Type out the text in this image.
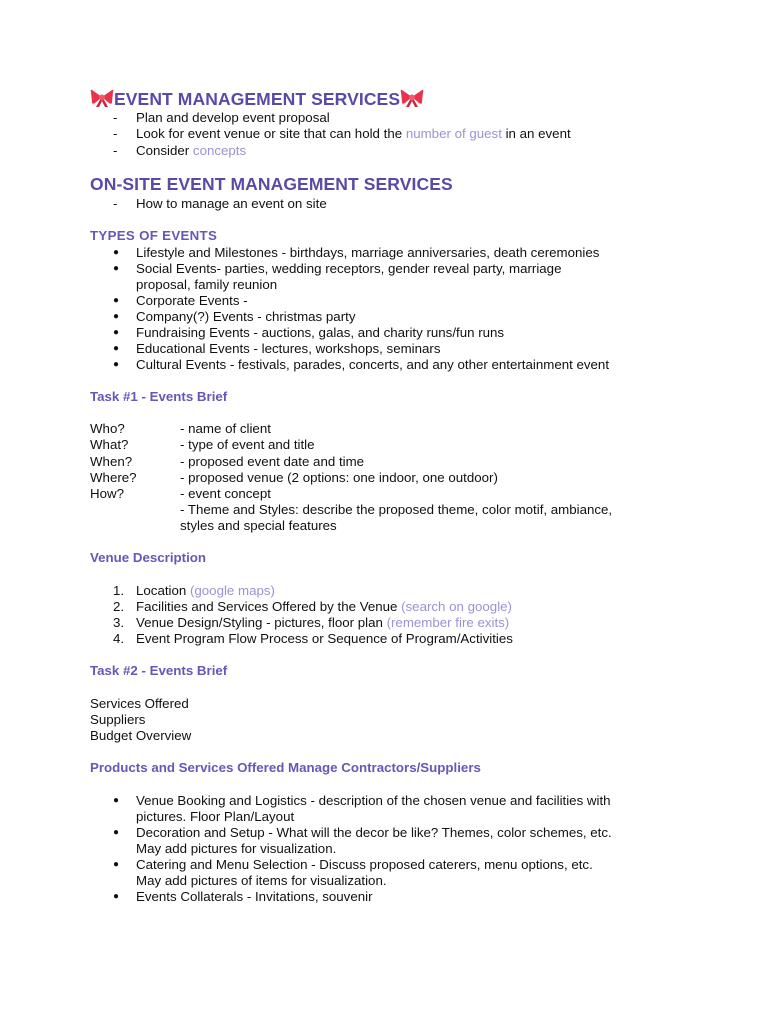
EVENT MANAGEMENT SERVICES
- Plan and develop event proposal
- Look for event venue or site that can hold the number of guest in an event
- Consider concepts
ON-SITE EVENT MANAGEMENT SERVICES
- How to manage an event on site
TYPES OF EVENTS
● Lifestyle and Milestones - birthdays, marriage anniversaries, death ceremonies
● Social Events- parties, wedding receptors, gender reveal party, marriage
proposal, family reunion
● Corporate Events -
● Company(?) Events - christmas party
● Fundraising Events - auctions, galas, and charity runs/fun runs
● Educational Events - lectures, workshops, seminars
● Cultural Events - festivals, parades, concerts, and any other entertainment event
Task #1 - Events Brief
Who?	- name of client
What?	- type of event and title
When?	- proposed event date and time
Where?	- proposed venue (2 options: one indoor, one outdoor)
How?	- event concept
- Theme and Styles: describe the proposed theme, color motif, ambiance,
styles and special features
Venue Description
1. Location (google maps)
2. Facilities and Services Offered by the Venue (search on google)
3. Venue Design/Styling - pictures, floor plan (remember fire exits)
4. Event Program Flow Process or Sequence of Program/Activities
Task #2 - Events Brief
Services Offered
Suppliers
Budget Overview
Products and Services Offered Manage Contractors/Suppliers
● Venue Booking and Logistics - description of the chosen venue and facilities with
pictures. Floor Plan/Layout
● Decoration and Setup - What will the decor be like? Themes, color schemes, etc.
May add pictures for visualization.
● Catering and Menu Selection - Discuss proposed caterers, menu options, etc.
May add pictures of items for visualization.
● Events Collaterals - Invitations, souvenir
